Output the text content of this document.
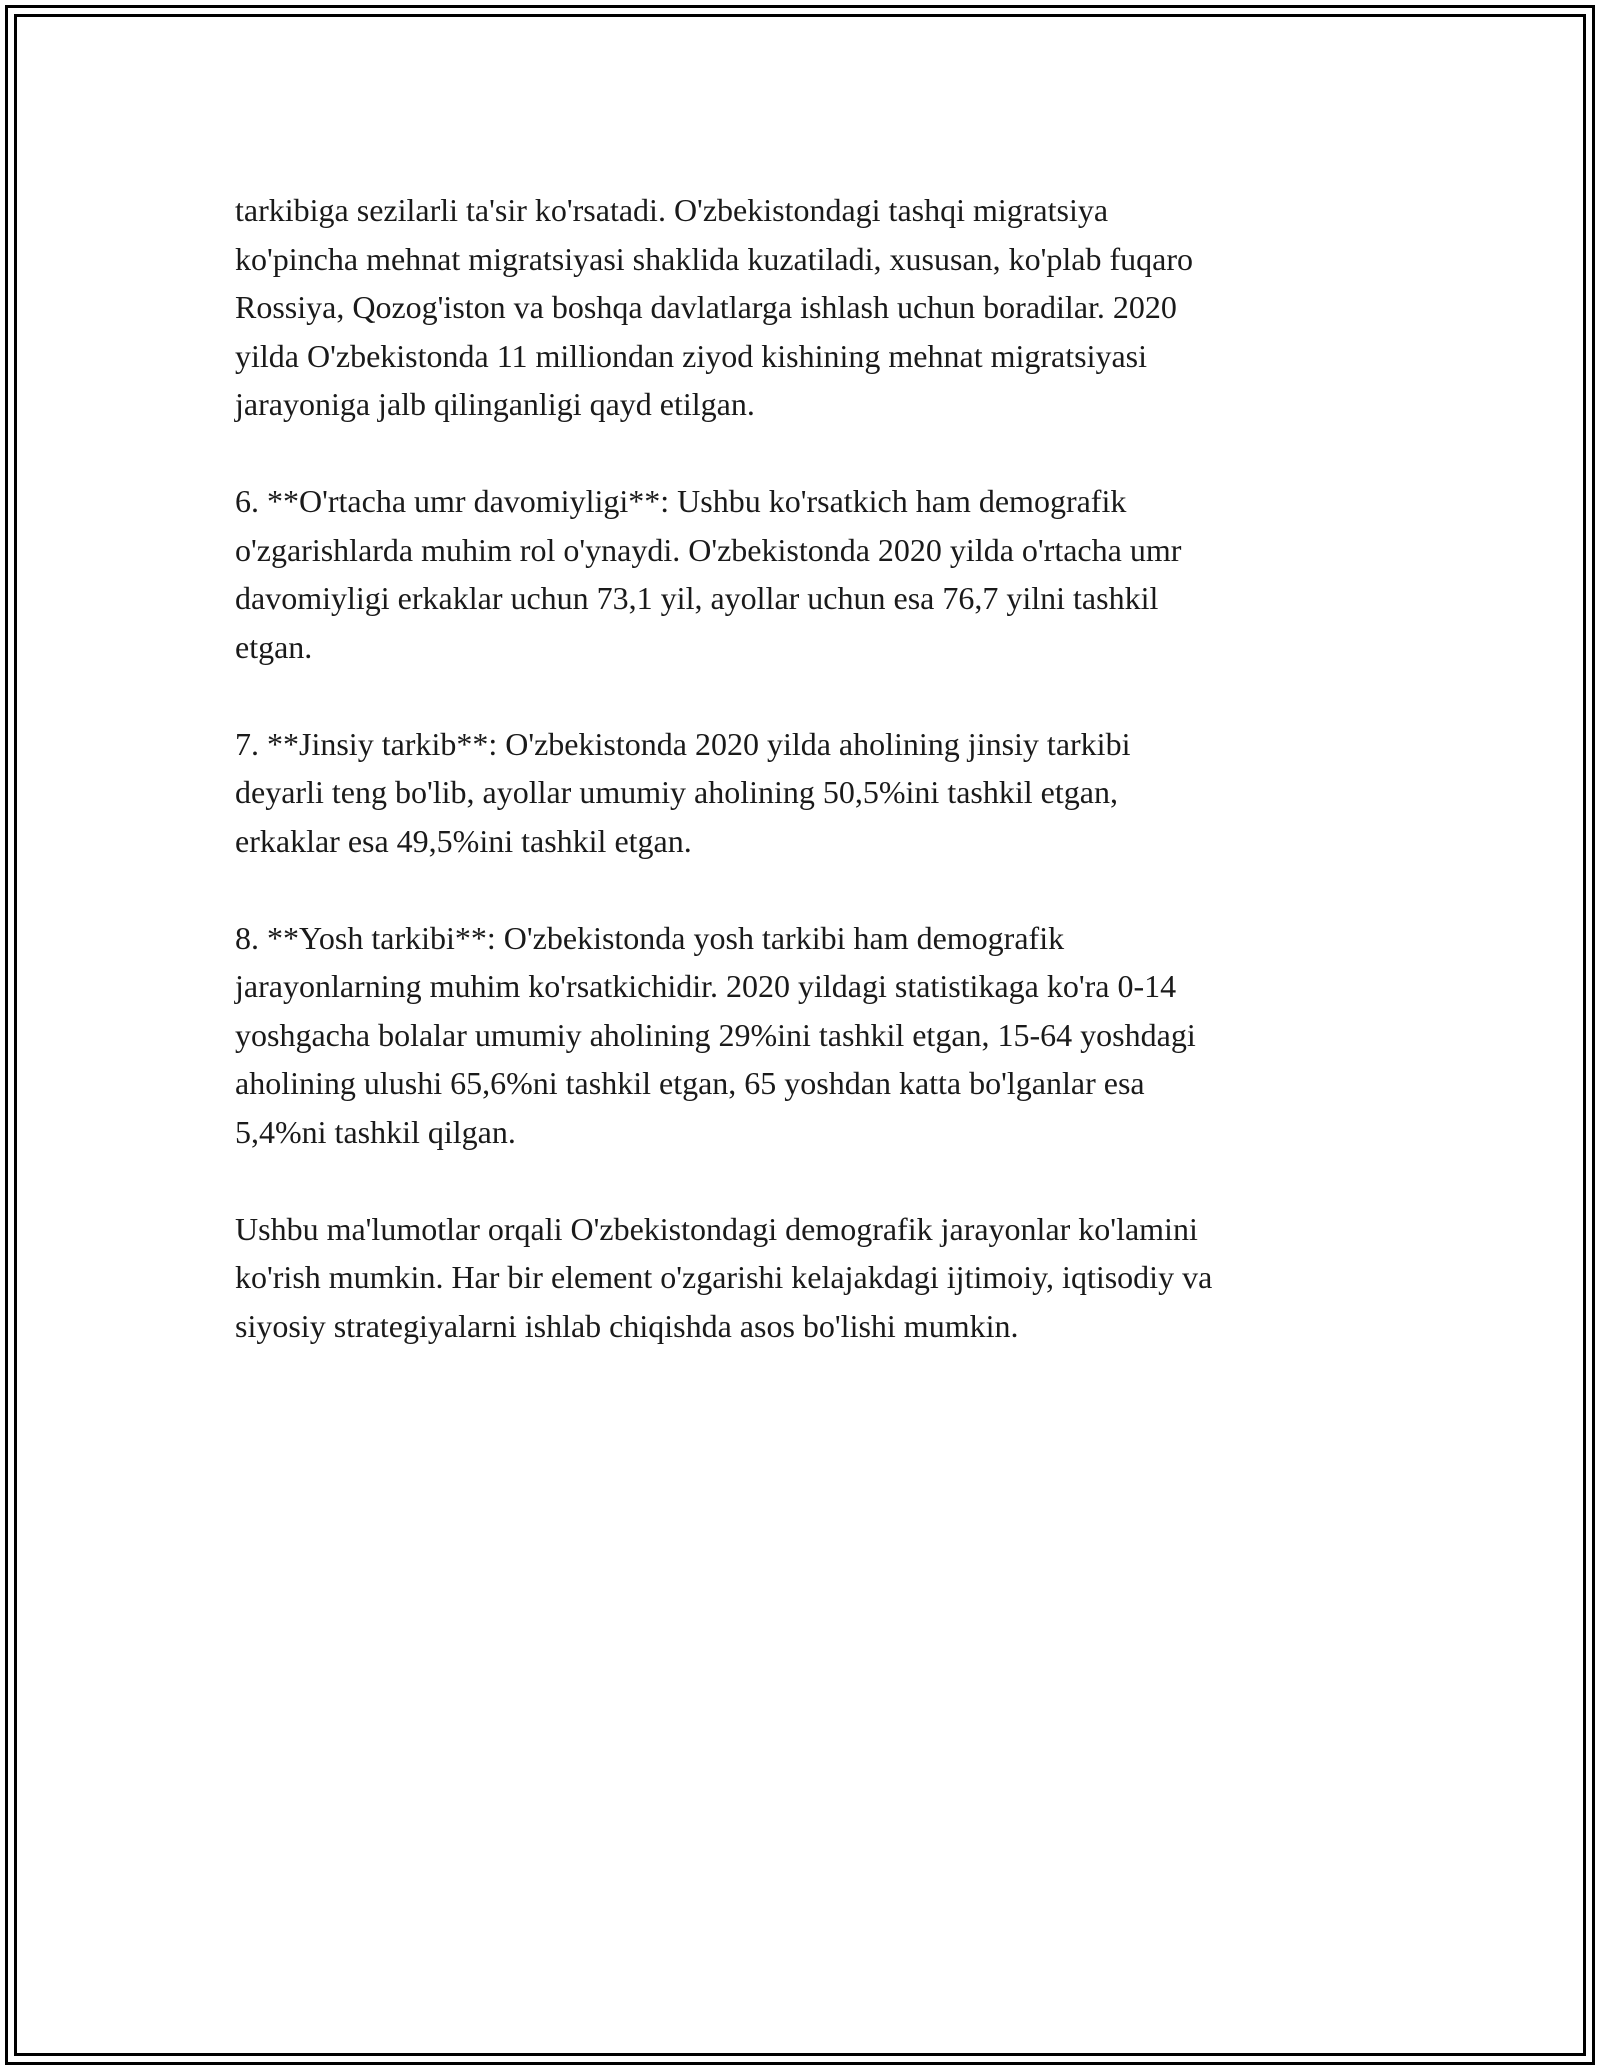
tarkibiga sezilarli ta'sir ko'rsatadi. O'zbekistondagi tashqi migratsiya
ko'pincha mehnat migratsiyasi shaklida kuzatiladi, xususan, ko'plab fuqaro
Rossiya, Qozog'iston va boshqa davlatlarga ishlash uchun boradilar. 2020
yilda O'zbekistonda 11 milliondan ziyod kishining mehnat migratsiyasi
jarayoniga jalb qilinganligi qayd etilgan.

6. **O'rtacha umr davomiyligi**: Ushbu ko'rsatkich ham demografik
o'zgarishlarda muhim rol o'ynaydi. O'zbekistonda 2020 yilda o'rtacha umr
davomiyligi erkaklar uchun 73,1 yil, ayollar uchun esa 76,7 yilni tashkil
etgan.

7. **Jinsiy tarkib**: O'zbekistonda 2020 yilda aholining jinsiy tarkibi
deyarli teng bo'lib, ayollar umumiy aholining 50,5%ini tashkil etgan,
erkaklar esa 49,5%ini tashkil etgan.

8. **Yosh tarkibi**: O'zbekistonda yosh tarkibi ham demografik
jarayonlarning muhim ko'rsatkichidir. 2020 yildagi statistikaga ko'ra 0-14
yoshgacha bolalar umumiy aholining 29%ini tashkil etgan, 15-64 yoshdagi
aholining ulushi 65,6%ni tashkil etgan, 65 yoshdan katta bo'lganlar esa
5,4%ni tashkil qilgan.

Ushbu ma'lumotlar orqali O'zbekistondagi demografik jarayonlar ko'lamini
ko'rish mumkin. Har bir element o'zgarishi kelajakdagi ijtimoiy, iqtisodiy va
siyosiy strategiyalarni ishlab chiqishda asos bo'lishi mumkin.
